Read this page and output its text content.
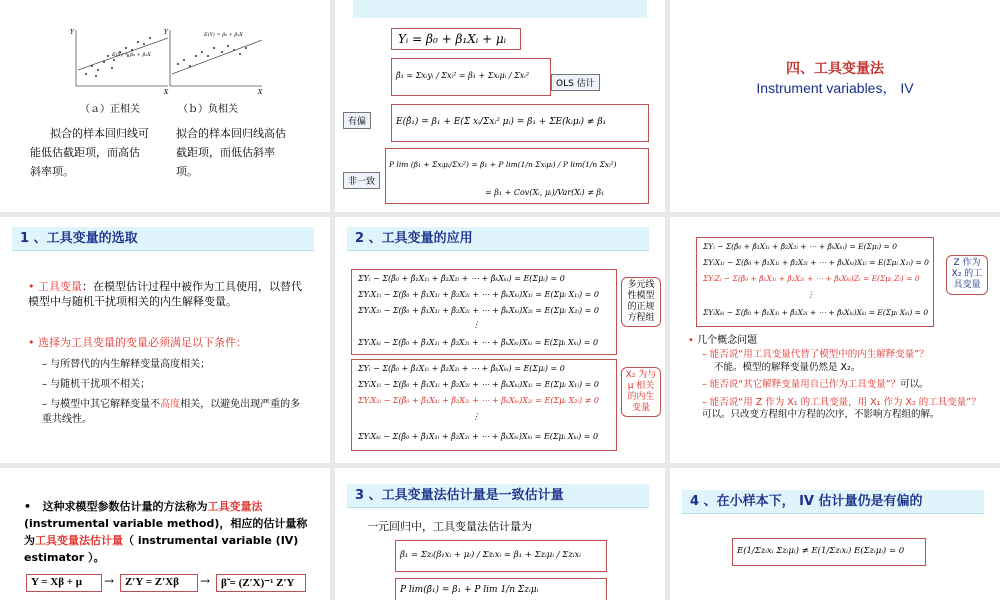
Y
X
E(Y) = β₀ + β₁X
Y
X
E(Y) = β₀ + β₁X
（ａ）正相关	（ｂ）负相关
拟合的样本回归线可能低估截距项，而高估斜率项。
拟合的样本回归线高估截距项，而低估斜率项。
Yᵢ = β₀ + β₁Xᵢ + μᵢ
β̂₁ = Σxᵢyᵢ / Σxᵢ² = β₁ + Σxᵢμᵢ / Σxᵢ²
OLS 估计
有偏	E(β̂₁) = β₁ + E(Σ xᵢ/Σxᵢ² μᵢ) = β₁ + ΣE(kᵢμᵢ) ≠ β₁
非一致
P lim (β₁ + Σxᵢμᵢ/Σxᵢ²) = β₁ + P lim(1/n Σxᵢμᵢ) / P lim(1/n Σxᵢ²)
= β₁ + Cov(Xᵢ, μᵢ)/Var(Xᵢ) ≠ β₁
四、工具变量法
Instrument variables， IV
1 、工具变量的选取
• 工具变量：在模型估计过程中被作为工具使用，以替代模型中与随机干扰项相关的内生解释变量。
• 选择为工具变量的变量必须满足以下条件：
– 与所替代的内生解释变量高度相关；
– 与随机干扰项不相关；
– 与模型中其它解释变量不高度相关，以避免出现严重的多重共线性。
2 、工具变量的应用
ΣYᵢ − Σ(β̂₀ + β̂₁X₁ᵢ + β̂₂X₂ᵢ + ⋯ + β̂ₖXₖᵢ) = E(Σμᵢ) = 0
ΣYᵢX₁ᵢ − Σ(β̂₀ + β̂₁X₁ᵢ + β̂₂X₂ᵢ + ⋯ + β̂ₖXₖᵢ)X₁ᵢ = E(Σμᵢ X₁ᵢ) = 0
ΣYᵢX₂ᵢ − Σ(β̂₀ + β̂₁X₁ᵢ + β̂₂X₂ᵢ + ⋯ + β̂ₖXₖᵢ)X₂ᵢ = E(Σμᵢ X₂ᵢ) = 0
⋮
ΣYᵢXₖᵢ − Σ(β̂₀ + β̂₁X₁ᵢ + β̂₂X₂ᵢ + ⋯ + β̂ₖXₖᵢ)Xₖᵢ = E(Σμᵢ Xₖᵢ) = 0
多元线性模型的正规方程组
ΣYᵢ − Σ(β̂₀ + β̂₁X₁ᵢ + β̂₂X₂ᵢ + ⋯ + β̂ₖXₖᵢ) = E(Σμᵢ) = 0
ΣYᵢX₁ᵢ − Σ(β̂₀ + β̂₁X₁ᵢ + β̂₂X₂ᵢ + ⋯ + β̂ₖXₖᵢ)X₁ᵢ = E(Σμᵢ X₁ᵢ) = 0
ΣYᵢX₂ᵢ − Σ(β̂₀ + β̂₁X₁ᵢ + β̂₂X₂ᵢ + ⋯ + β̂ₖXₖᵢ)X₂ᵢ = E(Σμᵢ X₂ᵢ) ≠ 0
⋮
ΣYᵢXₖᵢ − Σ(β̂₀ + β̂₁X₁ᵢ + β̂₂X₂ᵢ + ⋯ + β̂ₖXₖᵢ)Xₖᵢ = E(Σμᵢ Xₖᵢ) = 0
X₂ 为与 μ 相关的内生变量
ΣYᵢ − Σ(β̂₀ + β̂₁X₁ᵢ + β̂₂X₂ᵢ + ⋯ + β̂ₖXₖᵢ) = E(Σμᵢ) = 0
ΣYᵢX₁ᵢ − Σ(β̂₀ + β̂₁X₁ᵢ + β̂₂X₂ᵢ + ⋯ + β̂ₖXₖᵢ)X₁ᵢ = E(Σμᵢ X₁ᵢ) = 0
ΣYᵢZᵢ − Σ(β̂₀ + β̂₁X₁ᵢ + β̂₂X₂ᵢ + ⋯ + β̂ₖXₖᵢ)Zᵢ = E(Σμᵢ Zᵢ) = 0
⋮
ΣYᵢXₖᵢ − Σ(β̂₀ + β̂₁X₁ᵢ + β̂₂X₂ᵢ + ⋯ + β̂ₖXₖᵢ)Xₖᵢ = E(Σμᵢ Xₖᵢ) = 0
Z 作为 X₂ 的工具变量
• 几个概念问题
– 能否说“用工具变量代替了模型中的内生解释变量”？
不能。模型的解释变量仍然是 X₂。
– 能否说“其它解释变量用自己作为工具变量”？可以。
– 能否说“用 Z 作为 X₁ 的工具变量，用 X₁ 作为 X₂ 的工具变量”？可以。只改变方程组中方程的次序，不影响方程组的解。
•   这种求模型参数估计量的方法称为工具变量法(instrumental variable method)，相应的估计量称为工具变量法估计量（ instrumental variable (IV) estimator ）。
Y = Xβ + μ	→ Z′Y = Z′Xβ	→ β̃ = (Z′X)⁻¹ Z′Y
3 、工具变量法估计量是一致估计量
一元回归中，工具变量法估计量为
β̃₁ = Σzᵢ(β₁xᵢ + μᵢ) / Σzᵢxᵢ = β₁ + Σzᵢμᵢ / Σzᵢxᵢ
P lim(β̃₁) = β₁ + P lim 1/n Σzᵢμᵢ
4 、在小样本下， IV 估计量仍是有偏的
E(1/Σzᵢxᵢ Σzᵢμᵢ) ≠ E(1/Σzᵢxᵢ) E(Σzᵢμᵢ) = 0
